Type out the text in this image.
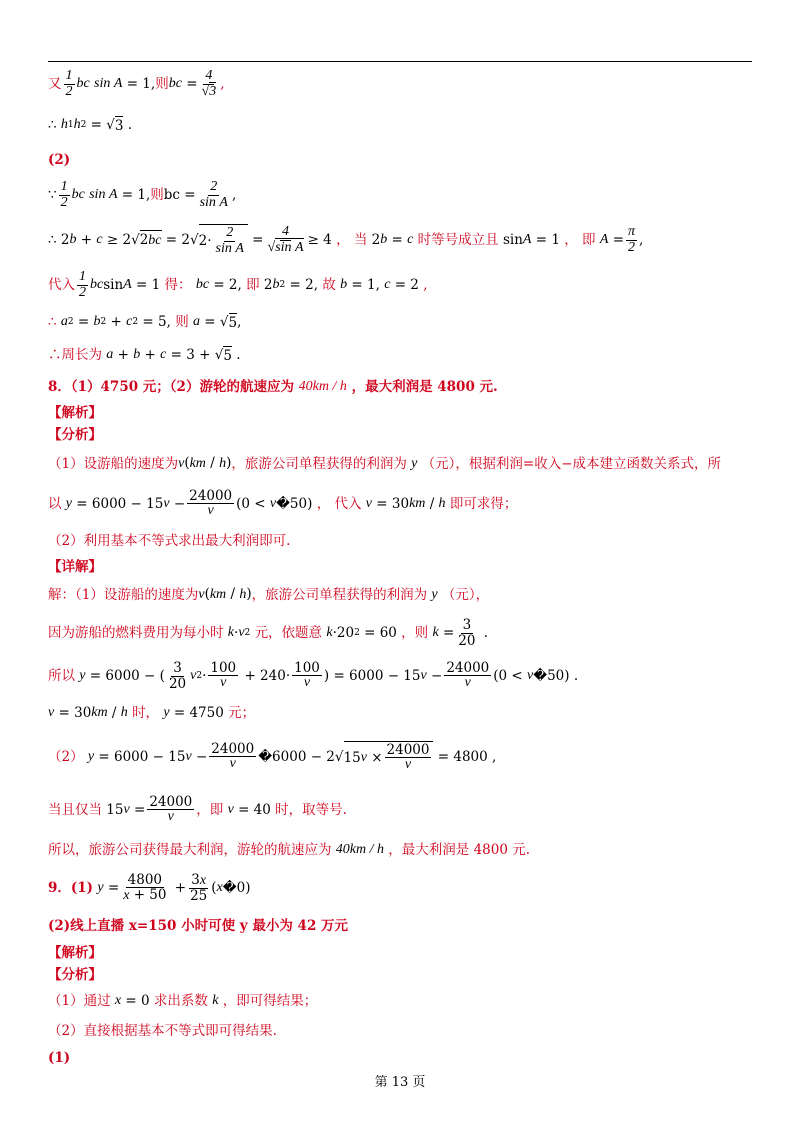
又 $\frac{1}{2}$ bc
sin A = 1, 则 bc = $\frac{4}{√3}$ ,
∴ h 1 h 2 = √ 3 .
(2)
∵ $\frac{1}{2}$ bc
sin A = 1, 则 bc = $\frac{2}{\text{sin A}}$ ,
∴ 2 b + c ≥ 2√ 2bc = 2√ $2\cdot \frac{2}{\text{sin A}} = \frac{4}{\text{√sin A}} \ge 4$ ， 当 2 b = c
时等号成立且 sin A = 1 ， 即
$A = \frac{\pi}{2}$ ,
代入 $\frac{1}{2}$ bc sin A = 1 得：
bc = 2, 即 2 b 2 = 2, 故
b = 1, c = 2 ,
∴
a 2 = b 2 + c 2 = 5, 则
a = √ 5 ,
∴周长为
a + b + c = 3 + √ 5 .
8．（1）4750 元；（2）游轮的航速应为 40km / h ，最大利润是 4800 元.
【解析】
【分析】
（1）设游船的速度为 v (km / h) ，旅游公司单程获得的利润为 y （元），根据利润=收入−成本建立函数关系式，所
以
y = 6000 − 15 $v - \frac{24000}{v} (0 < v$ �50) ， 代入
v = 30 km / h
即可求得；
（2）利用基本不等式求出最大利润即可.
【详解】
解：（1）设游船的速度为 v (km / h) ，旅游公司单程获得的利润为 y （元），
因为游船的燃料费用为每小时
k · v 2
元，依题意
k ·20 2 = 60 ，则
$k = \frac{3}{20}$ .
所以
y = 6000 − ( $\frac{3}{20}$ v $2 \cdot \frac{100}{v} + 240\cdot \frac{100}{v}$ ) = 6000 − 15 $v - \frac{24000}{v} (0 < v$ �50) .
v = 30 km / h
时，
y = 4750 元；
（2）
y = 6000 − 15 $v - \frac{24000}{v}$ �6000 − 2√ 15 $v \times \frac{24000}{v} = 4800$ ,
当且仅当 15 $v = \frac{24000}{v}$ ，即
v = 40 时，取等号.
所以，旅游公司获得最大利润，游轮的航速应为 40km / h ，最大利润是 4800 元.
9．(1)
$y = \frac{4800}{x + 50} + \frac{3x}{25}$ ( x �0)
(2)线上直播 x=150 小时可使 y 最小为 42 万元
【解析】
【分析】
（1）通过 x
= 0 求出系数 k ，即可得结果；
（2）直接根据基本不等式即可得结果.
(1)
第 13 页
